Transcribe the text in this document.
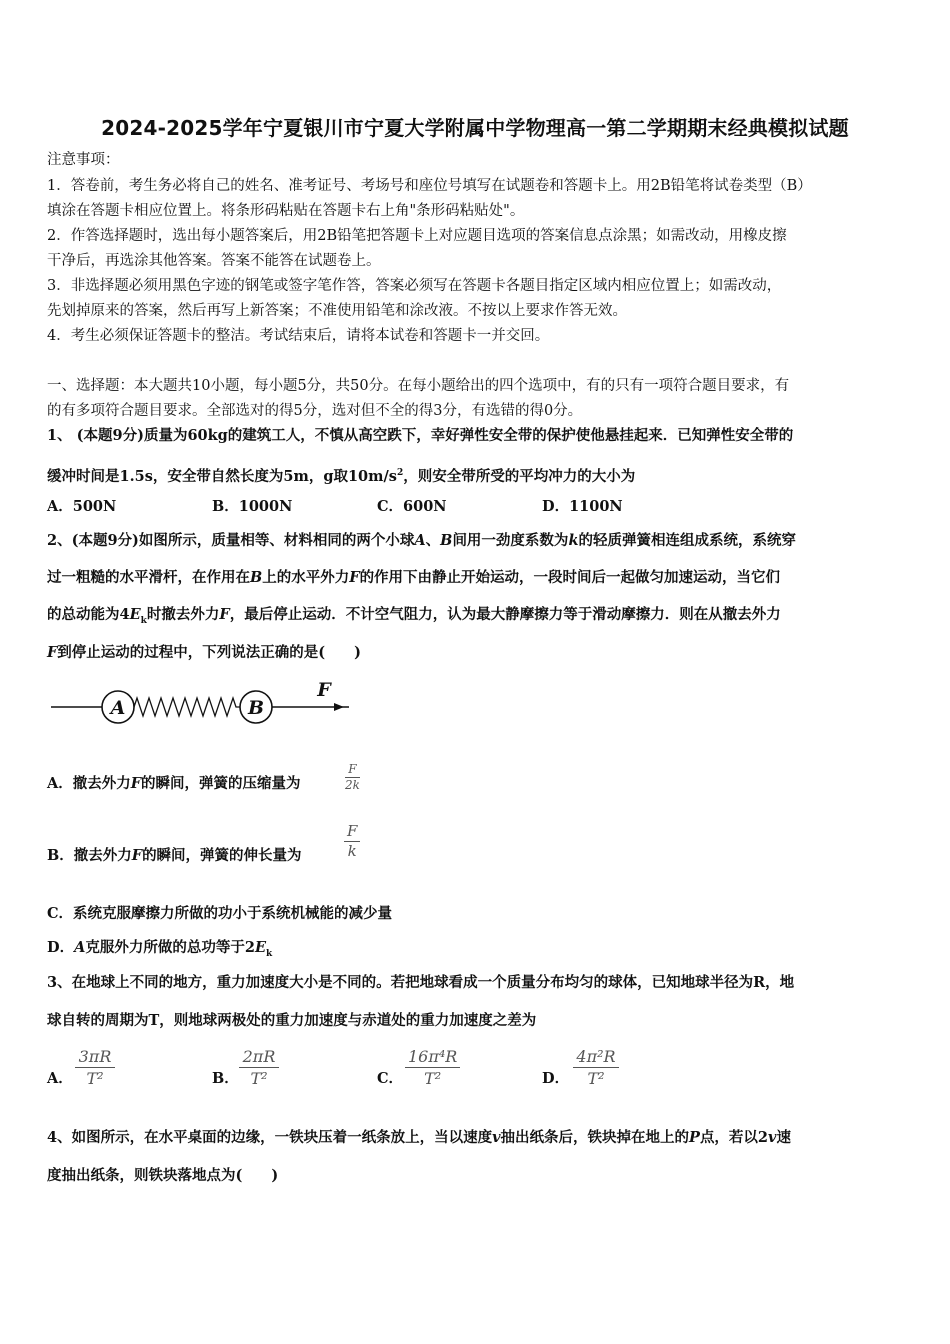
2024-2025学年宁夏银川市宁夏大学附属中学物理高一第二学期期末经典模拟试题
注意事项：
1．答卷前，考生务必将自己的姓名、准考证号、考场号和座位号填写在试题卷和答题卡上。用2B铅笔将试卷类型（B）
填涂在答题卡相应位置上。将条形码粘贴在答题卡右上角"条形码粘贴处"。
2．作答选择题时，选出每小题答案后，用2B铅笔把答题卡上对应题目选项的答案信息点涂黑；如需改动，用橡皮擦
干净后，再选涂其他答案。答案不能答在试题卷上。
3．非选择题必须用黑色字迹的钢笔或签字笔作答，答案必须写在答题卡各题目指定区域内相应位置上；如需改动，
先划掉原来的答案，然后再写上新答案；不准使用铅笔和涂改液。不按以上要求作答无效。
4．考生必须保证答题卡的整洁。考试结束后，请将本试卷和答题卡一并交回。
一、选择题：本大题共10小题，每小题5分，共50分。在每小题给出的四个选项中，有的只有一项符合题目要求，有
的有多项符合题目要求。全部选对的得5分，选对但不全的得3分，有选错的得0分。
1、 (本题9分)质量为60kg的建筑工人，不慎从高空跌下，幸好弹性安全带的保护使他悬挂起来．已知弹性安全带的
缓冲时间是1.5s，安全带自然长度为5m，g取$10m/s^2$，则安全带所受的平均冲力的大小为
A．500N	B．1000N	C．600N	D．1100N
2、(本题9分)如图所示，质量相等、材料相同的两个小球A、B间用一劲度系数为k的轻质弹簧相连组成系统，系统穿
过一粗糙的水平滑杆，在作用在B上的水平外力F的作用下由静止开始运动，一段时间后一起做匀加速运动，当它们
的总动能为$4E_k$时撤去外力F，最后停止运动．不计空气阻力，认为最大静摩擦力等于滑动摩擦力．则在从撤去外力
F到停止运动的过程中，下列说法正确的是(　　)
A	B
F
A．撤去外力F的瞬间，弹簧的压缩量为
F
2k
B．撤去外力F的瞬间，弹簧的伸长量为
F
k
C．系统克服摩擦力所做的功小于系统机械能的减少量
D．A克服外力所做的总功等于$2E_k$
3、在地球上不同的地方，重力加速度大小是不同的。若把地球看成一个质量分布均匀的球体，已知地球半径为R，地
球自转的周期为T，则地球两极处的重力加速度与赤道处的重力加速度之差为
A．
3πR
T²	B．
2πR
T²	C．
16π⁴R
T²	D．
4π²R
T²
4、如图所示，在水平桌面的边缘，一铁块压着一纸条放上，当以速度v抽出纸条后，铁块掉在地上的P点，若以2v速
度抽出纸条，则铁块落地点为(　　)
